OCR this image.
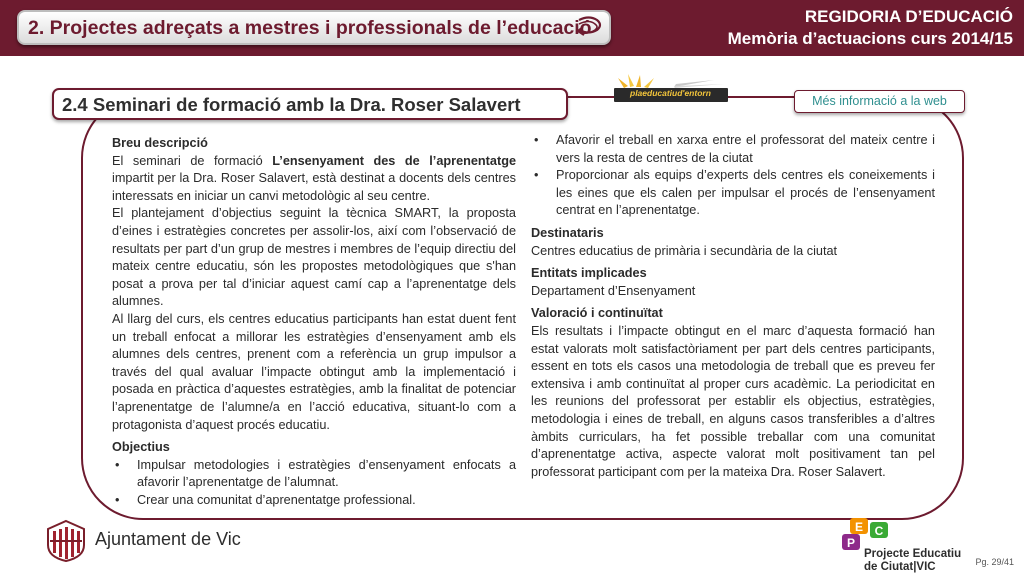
2. Projectes adreçats a mestres i professionals de l’educació
REGIDORIA D’EDUCACIÓ
Memòria d’actuacions curs 2014/15
2.4 Seminari de formació amb la Dra. Roser Salavert
plaeducatiud'entorn
Més informació a la web
Breu descripció
El seminari de formació L’ensenyament des de l’aprenentatge impartit per la Dra. Roser Salavert, està destinat a docents dels centres interessats en iniciar un canvi metodològic al seu centre.
El plantejament d’objectius seguint la tècnica SMART, la proposta d’eines i estratègies concretes per assolir-los, així com l’observació de resultats per part d’un grup de mestres i membres de l’equip directiu del mateix centre educatiu, són les propostes metodològiques que s'han posat a prova per tal d’iniciar aquest camí cap a l’aprenentatge dels alumnes.
Al llarg del curs, els centres educatius participants han estat duent fent un treball enfocat a millorar les estratègies d’ensenyament amb els alumnes dels centres, prenent com a referència un grup impulsor a través del qual avaluar l’impacte obtingut amb la implementació i posada en pràctica d’aquestes estratègies, amb la finalitat de potenciar l’aprenentatge de l’alumne/a en l’acció educativa, situant-lo com a protagonista d’aquest procés educatiu.
Objectius
• Impulsar metodologies i estratègies d’ensenyament enfocats a afavorir l’aprenentatge de l’alumnat.
• Crear una comunitat d’aprenentatge professional.
• Afavorir el treball en xarxa entre el professorat del mateix centre i vers la resta de centres de la ciutat
• Proporcionar als equips d’experts dels centres els coneixements i les eines que els calen per impulsar el procés de l’ensenyament centrat en l’aprenentatge.
Destinataris
Centres educatius de primària i secundària de la ciutat
Entitats implicades
Departament d’Ensenyament
Valoració i continuïtat
Els resultats i l’impacte obtingut en el marc d’aquesta formació han estat valorats molt satisfactòriament per part dels centres participants, essent en tots els casos una metodologia de treball que es preveu fer extensiva i amb continuïtat al proper curs acadèmic. La periodicitat en les reunions del professorat per establir els objectius, estratègies, metodologia i eines de treball, en alguns casos transferibles a d’altres àmbits curriculars, ha fet possible treballar com una comunitat d’aprenentatge activa, aspecte valorat molt positivament tan pel professorat participant com per la mateixa Dra. Roser Salavert.
Ajuntament de Vic
E C
P
Projecte Educatiu
de Ciutat|VIC	Pg. 29/41
